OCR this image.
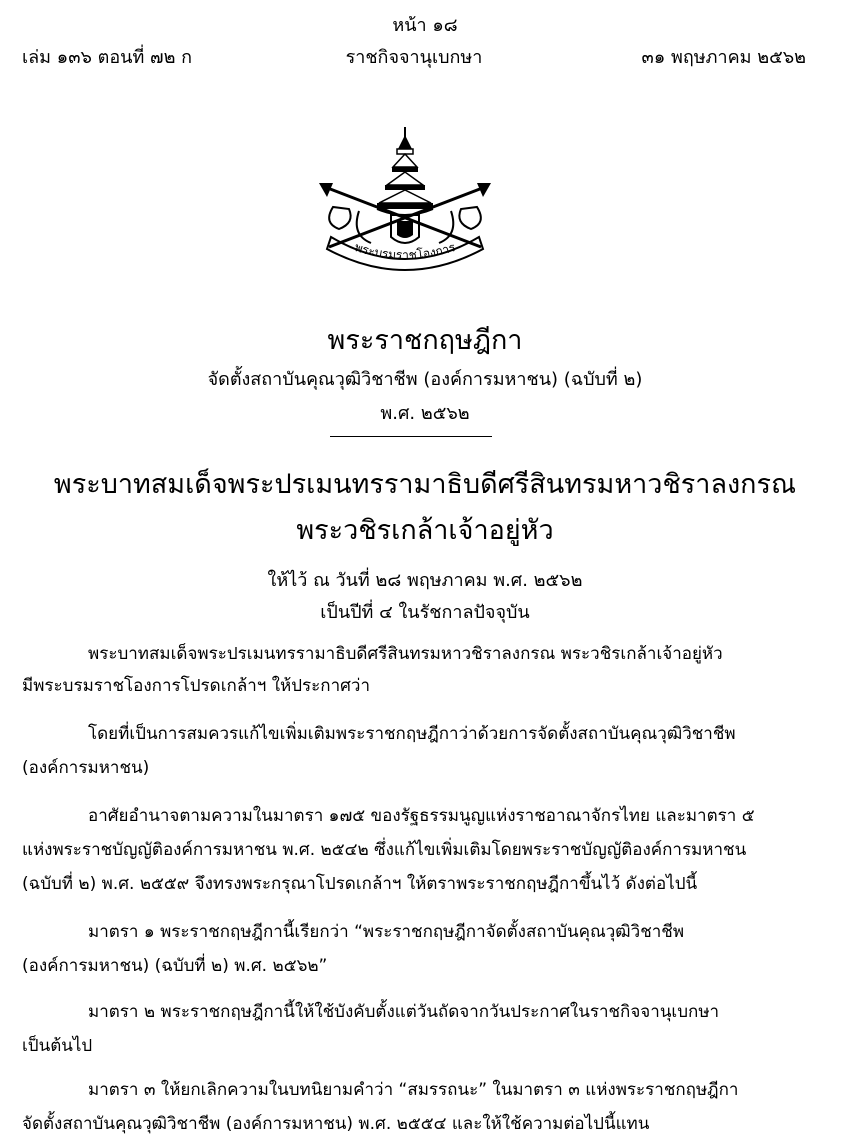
หน้า ๑๘
เล่ม ๑๓๖ ตอนที่ ๗๒ ก	ราชกิจจานุเบกษา	๓๑ พฤษภาคม ๒๕๖๒
พระบรมราชโองการ
พระราชกฤษฎีกา
จัดตั้งสถาบันคุณวุฒิวิชาชีพ (องค์การมหาชน) (ฉบับที่ ๒)
พ.ศ. ๒๕๖๒
พระบาทสมเด็จพระปรเมนทรรามาธิบดีศรีสินทรมหาวชิราลงกรณ
พระวชิรเกล้าเจ้าอยู่หัว
ให้ไว้ ณ วันที่ ๒๘ พฤษภาคม พ.ศ. ๒๕๖๒
เป็นปีที่ ๔ ในรัชกาลปัจจุบัน
พระบาทสมเด็จพระปรเมนทรรามาธิบดีศรีสินทรมหาวชิราลงกรณ พระวชิรเกล้าเจ้าอยู่หัว
มีพระบรมราชโองการโปรดเกล้าฯ ให้ประกาศว่า
โดยที่เป็นการสมควรแก้ไขเพิ่มเติมพระราชกฤษฎีกาว่าด้วยการจัดตั้งสถาบันคุณวุฒิวิชาชีพ
(องค์การมหาชน)
อาศัยอำนาจตามความในมาตรา ๑๗๕ ของรัฐธรรมนูญแห่งราชอาณาจักรไทย และมาตรา ๕
แห่งพระราชบัญญัติองค์การมหาชน พ.ศ. ๒๕๔๒ ซึ่งแก้ไขเพิ่มเติมโดยพระราชบัญญัติองค์การมหาชน
(ฉบับที่ ๒) พ.ศ. ๒๕๕๙ จึงทรงพระกรุณาโปรดเกล้าฯ ให้ตราพระราชกฤษฎีกาขึ้นไว้ ดังต่อไปนี้
มาตรา ๑ พระราชกฤษฎีกานี้เรียกว่า “พระราชกฤษฎีกาจัดตั้งสถาบันคุณวุฒิวิชาชีพ
(องค์การมหาชน) (ฉบับที่ ๒) พ.ศ. ๒๕๖๒”
มาตรา ๒ พระราชกฤษฎีกานี้ให้ใช้บังคับตั้งแต่วันถัดจากวันประกาศในราชกิจจานุเบกษา
เป็นต้นไป
มาตรา ๓ ให้ยกเลิกความในบทนิยามคำว่า “สมรรถนะ” ในมาตรา ๓ แห่งพระราชกฤษฎีกา
จัดตั้งสถาบันคุณวุฒิวิชาชีพ (องค์การมหาชน) พ.ศ. ๒๕๕๔ และให้ใช้ความต่อไปนี้แทน
